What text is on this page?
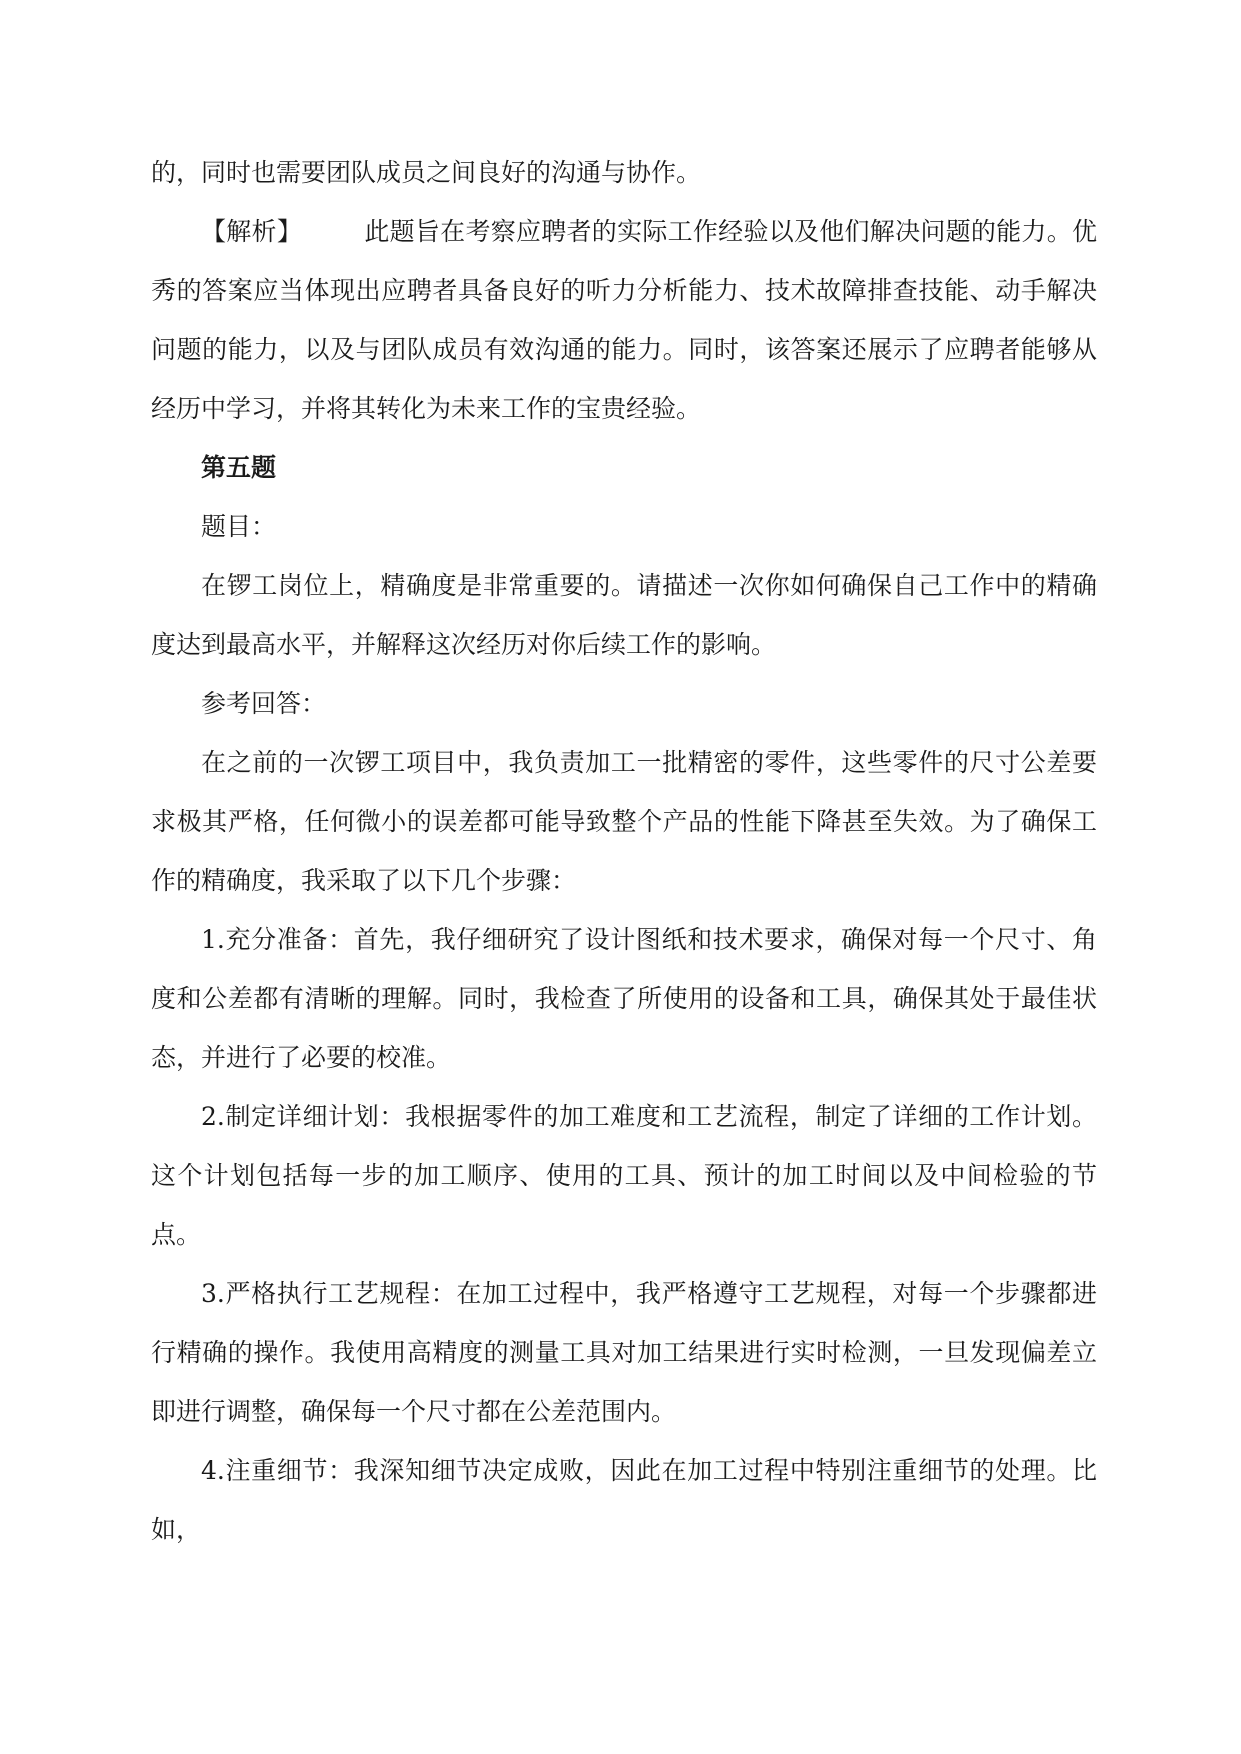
的，同时也需要团队成员之间良好的沟通与协作。

【解析】 此题旨在考察应聘者的实际工作经验以及他们解决问题的能力。优秀的答案应当体现出应聘者具备良好的听力分析能力、技术故障排查技能、动手解决问题的能力，以及与团队成员有效沟通的能力。同时，该答案还展示了应聘者能够从经历中学习，并将其转化为未来工作的宝贵经验。

第五题

题目：

在锣工岗位上，精确度是非常重要的。请描述一次你如何确保自己工作中的精确度达到最高水平，并解释这次经历对你后续工作的影响。

参考回答：

在之前的一次锣工项目中，我负责加工一批精密的零件，这些零件的尺寸公差要求极其严格，任何微小的误差都可能导致整个产品的性能下降甚至失效。为了确保工作的精确度，我采取了以下几个步骤：

1.充分准备：首先，我仔细研究了设计图纸和技术要求，确保对每一个尺寸、角度和公差都有清晰的理解。同时，我检查了所使用的设备和工具，确保其处于最佳状态，并进行了必要的校准。

2.制定详细计划：我根据零件的加工难度和工艺流程，制定了详细的工作计划。这个计划包括每一步的加工顺序、使用的工具、预计的加工时间以及中间检验的节点。

3.严格执行工艺规程：在加工过程中，我严格遵守工艺规程，对每一个步骤都进行精确的操作。我使用高精度的测量工具对加工结果进行实时检测，一旦发现偏差立即进行调整，确保每一个尺寸都在公差范围内。

4.注重细节：我深知细节决定成败，因此在加工过程中特别注重细节的处理。比如，
